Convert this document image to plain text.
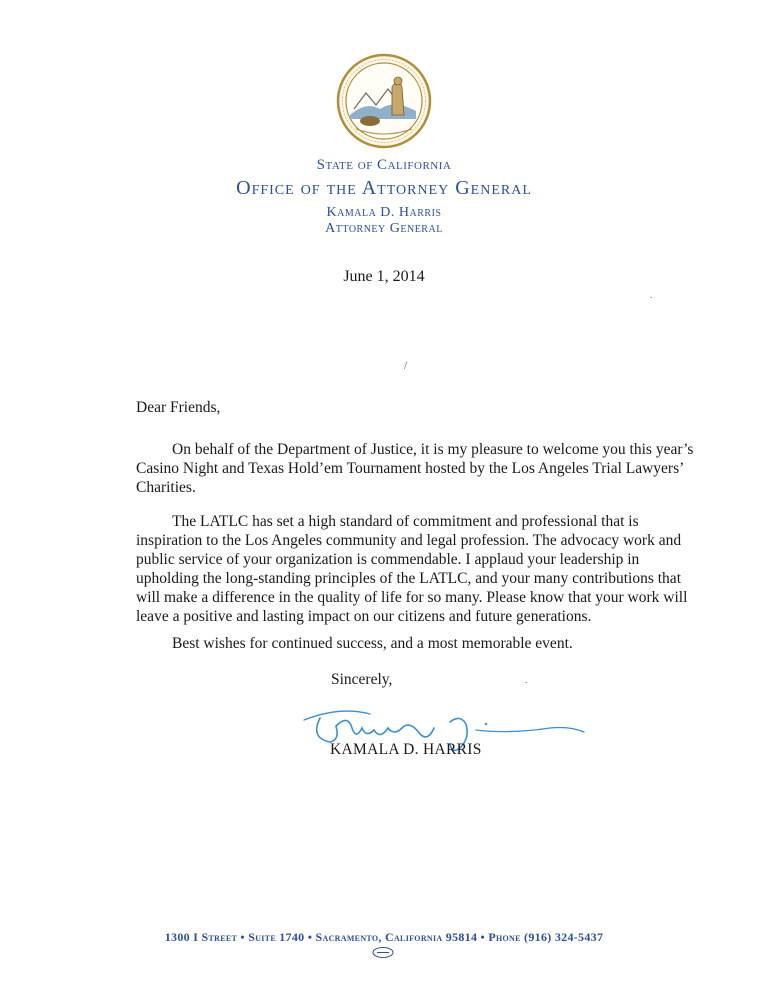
State of California
Office of the Attorney General
Kamala D. Harris
Attorney General
June 1, 2014
/
.
.
Dear Friends,
On behalf of the Department of Justice, it is my pleasure to welcome you this year’s Casino Night and Texas Hold’em Tournament hosted by the Los Angeles Trial Lawyers’ Charities.
The LATLC has set a high standard of commitment and professional that is inspiration to the Los Angeles community and legal profession. The advocacy work and public service of your organization is commendable. I applaud your leadership in upholding the long-standing principles of the LATLC, and your many contributions that will make a difference in the quality of life for so many. Please know that your work will leave a positive and lasting impact on our citizens and future generations.
Best wishes for continued success, and a most memorable event.
Sincerely,
KAMALA D. HARRIS
1300 I Street • Suite 1740 • Sacramento, California 95814 • Phone (916) 324-5437
